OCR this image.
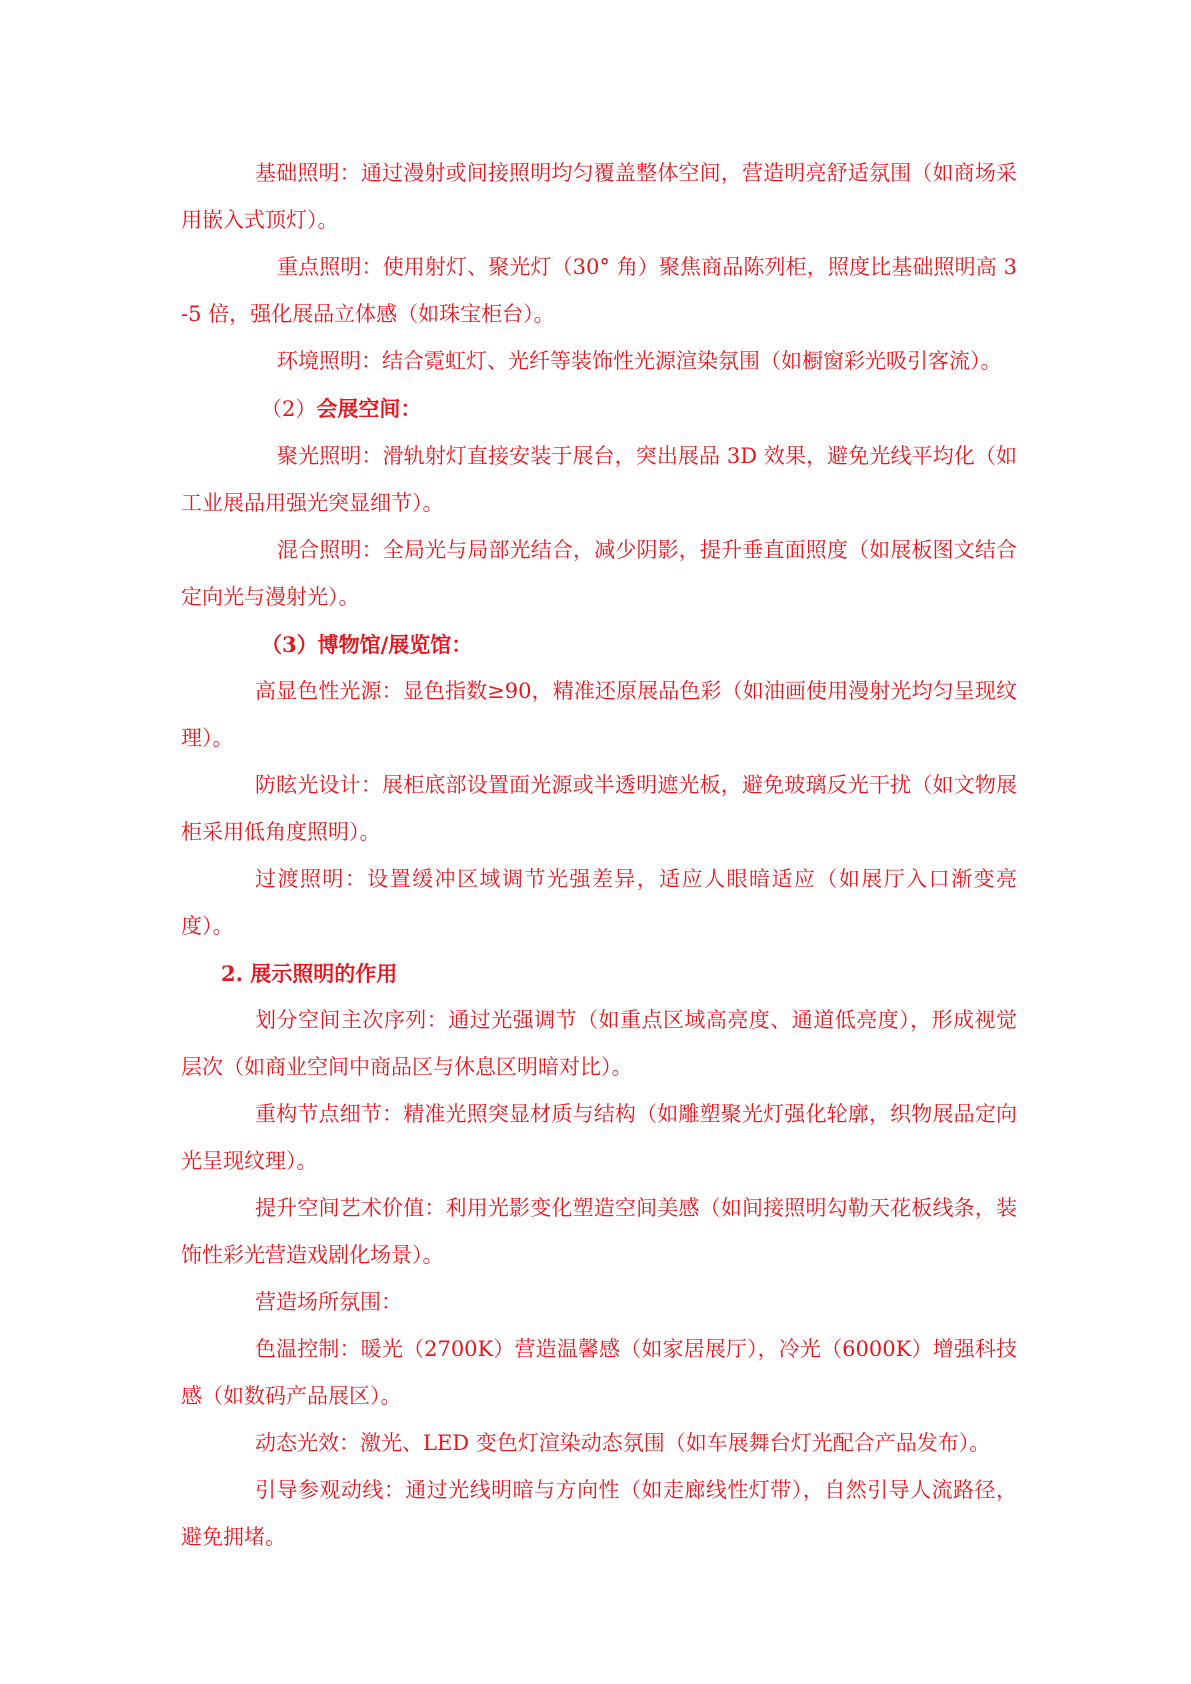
基础照明：通过漫射或间接照明均匀覆盖整体空间，营造明亮舒适氛围（如商场采用嵌入式顶灯）。

重点照明：使用射灯、聚光灯（30° 角）聚焦商品陈列柜，照度比基础照明高 3-5 倍，强化展品立体感（如珠宝柜台）。

环境照明：结合霓虹灯、光纤等装饰性光源渲染氛围（如橱窗彩光吸引客流）。

（2）会展空间：

聚光照明：滑轨射灯直接安装于展台，突出展品 3D 效果，避免光线平均化（如工业展品用强光突显细节）。

混合照明：全局光与局部光结合，减少阴影，提升垂直面照度（如展板图文结合定向光与漫射光）。

（3）博物馆/展览馆：

高显色性光源：显色指数≥90，精准还原展品色彩（如油画使用漫射光均匀呈现纹理）。

防眩光设计：展柜底部设置面光源或半透明遮光板，避免玻璃反光干扰（如文物展柜采用低角度照明）。

过渡照明：设置缓冲区域调节光强差异，适应人眼暗适应（如展厅入口渐变亮度）。

2. 展示照明的作用

划分空间主次序列：通过光强调节（如重点区域高亮度、通道低亮度），形成视觉层次（如商业空间中商品区与休息区明暗对比）。

重构节点细节：精准光照突显材质与结构（如雕塑聚光灯强化轮廓，织物展品定向光呈现纹理）。

提升空间艺术价值：利用光影变化塑造空间美感（如间接照明勾勒天花板线条，装饰性彩光营造戏剧化场景）。

营造场所氛围：

色温控制：暖光（2700K）营造温馨感（如家居展厅），冷光（6000K）增强科技感（如数码产品展区）。

动态光效：激光、LED 变色灯渲染动态氛围（如车展舞台灯光配合产品发布）。

引导参观动线：通过光线明暗与方向性（如走廊线性灯带），自然引导人流路径，避免拥堵。
